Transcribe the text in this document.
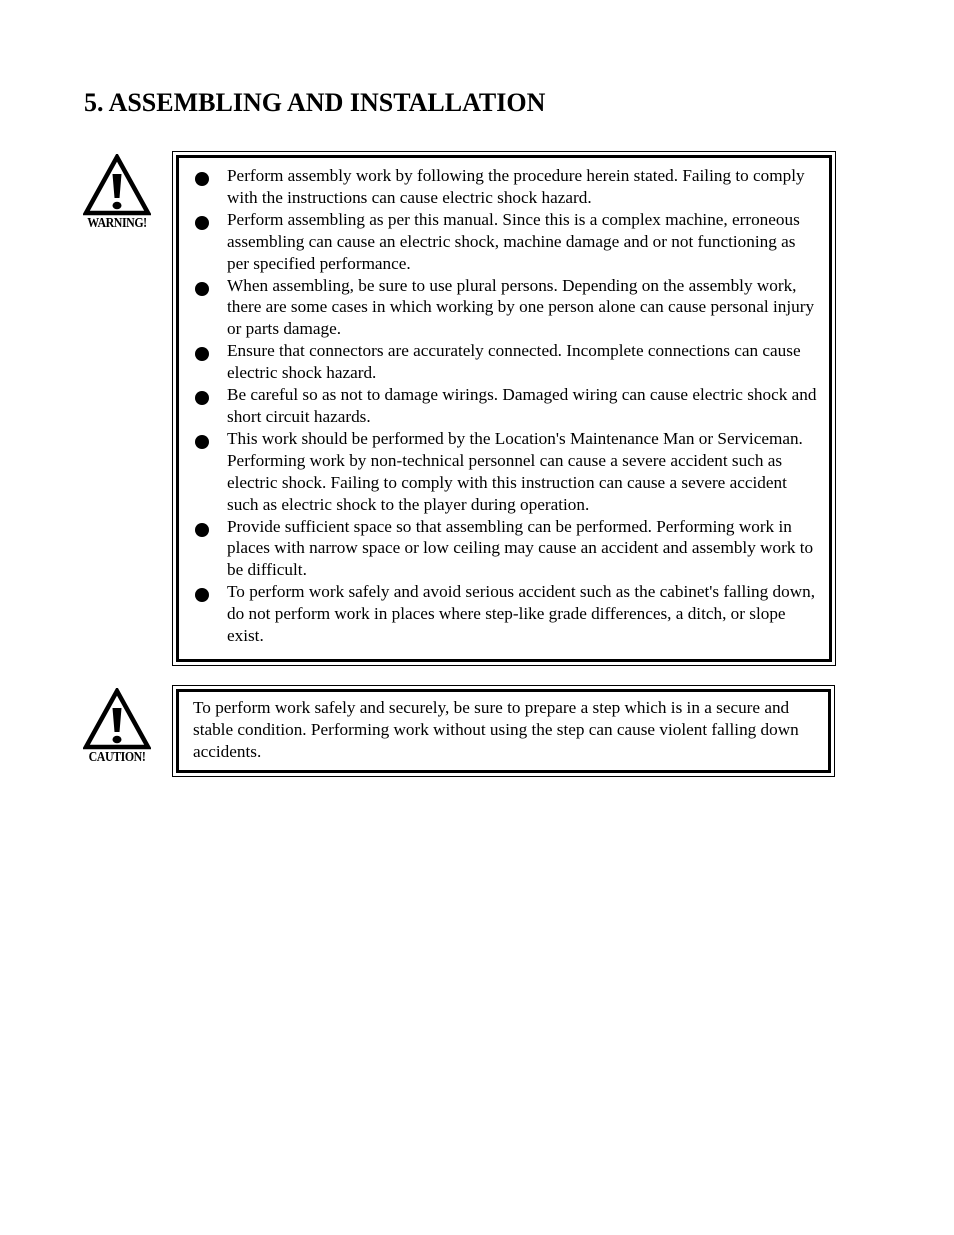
5. ASSEMBLING AND INSTALLATION
WARNING!
Perform assembly work by following the procedure herein stated. Failing to comply with the instructions can cause electric shock hazard.
Perform assembling as per this manual. Since this is a complex machine, erroneous assembling can cause an electric shock, machine damage and or not functioning as per specified performance.
When assembling, be sure to use plural persons. Depending on the assembly work, there are some cases in which working by one person alone can cause personal injury or parts damage.
Ensure that connectors are accurately connected. Incomplete connections can cause electric shock hazard.
Be careful so as not to damage wirings. Damaged wiring can cause electric shock and short circuit hazards.
This work should be performed by the Location's Maintenance Man or Serviceman. Performing work by non-technical personnel can cause a severe accident such as electric shock. Failing to comply with this instruction can cause a severe accident such as electric shock to the player during operation.
Provide sufficient space so that assembling can be performed. Performing work in places with narrow space or low ceiling may cause an accident and assembly work to be difficult.
To perform work safely and avoid serious accident such as the cabinet's falling down, do not perform work in places where step-like grade differences, a ditch, or slope exist.
CAUTION!

To perform work safely and securely, be sure to prepare a step which is in a secure and stable condition. Performing work without using the step can cause violent falling down accidents.
